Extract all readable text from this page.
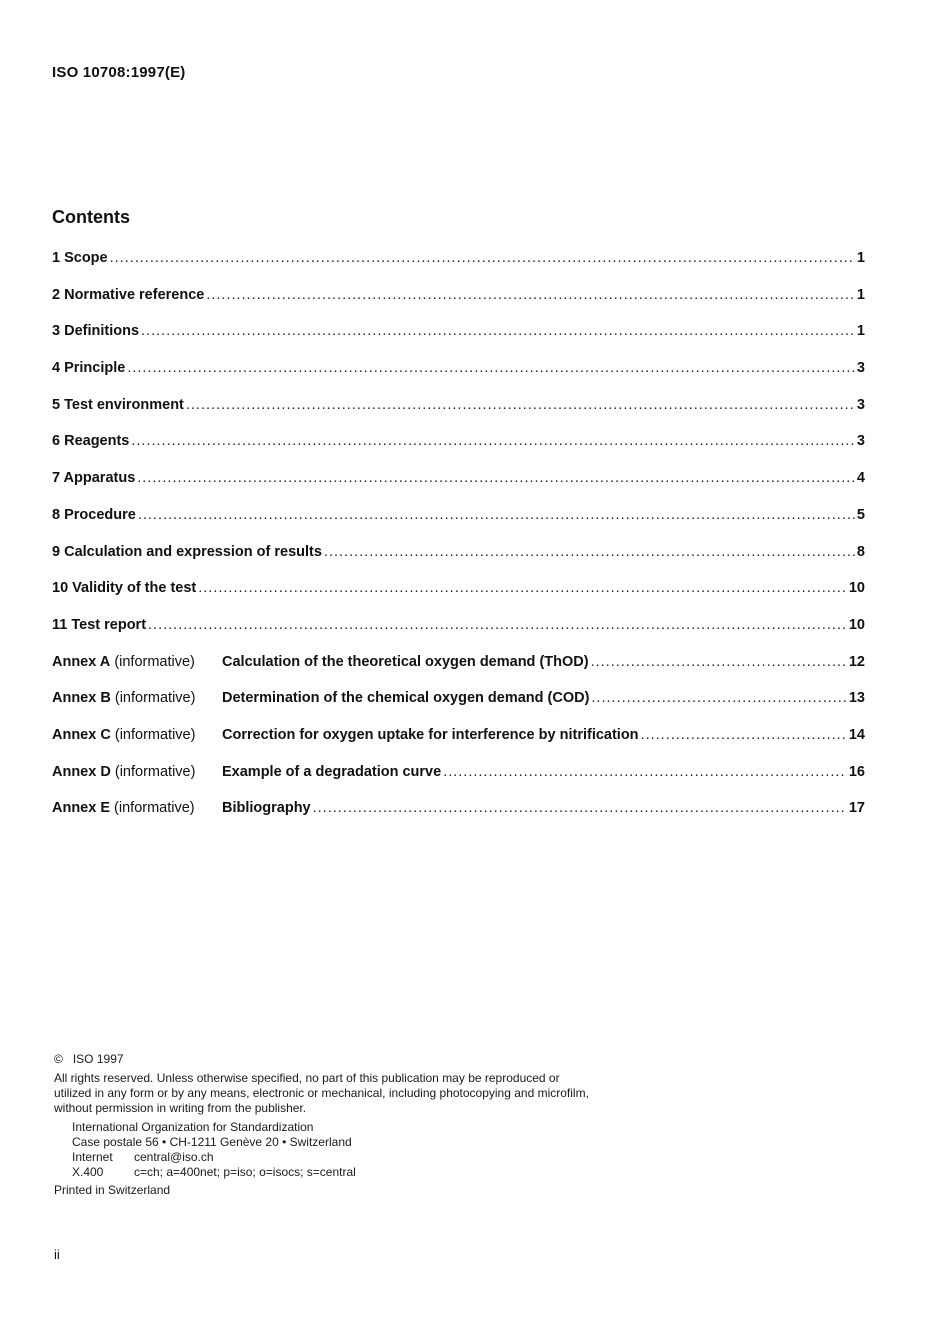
ISO 10708:1997(E)
Contents
1 Scope .....	1
2 Normative reference .....	1
3 Definitions .....	1
4 Principle .....	3
5 Test environment .....	3
6 Reagents .....	3
7 Apparatus .....	4
8 Procedure .....	5
9 Calculation and expression of results .....	8
10 Validity of the test .....	10
11 Test report .....	10
Annex A (informative)	Calculation of the theoretical oxygen demand (ThOD) .....	12
Annex B (informative)	Determination of the chemical oxygen demand (COD) .....	13
Annex C (informative)	Correction for oxygen uptake for interference by nitrification .....	14
Annex D (informative)	Example of a degradation curve .....	16
Annex E (informative)	Bibliography .....	17
© ISO 1997
All rights reserved. Unless otherwise specified, no part of this publication may be reproduced or utilized in any form or by any means, electronic or mechanical, including photocopying and microfilm, without permission in writing from the publisher.
International Organization for Standardization
Case postale 56 • CH-1211 Genève 20 • Switzerland
Internet	central@iso.ch
X.400	c=ch; a=400net; p=iso; o=isocs; s=central
Printed in Switzerland
ii
